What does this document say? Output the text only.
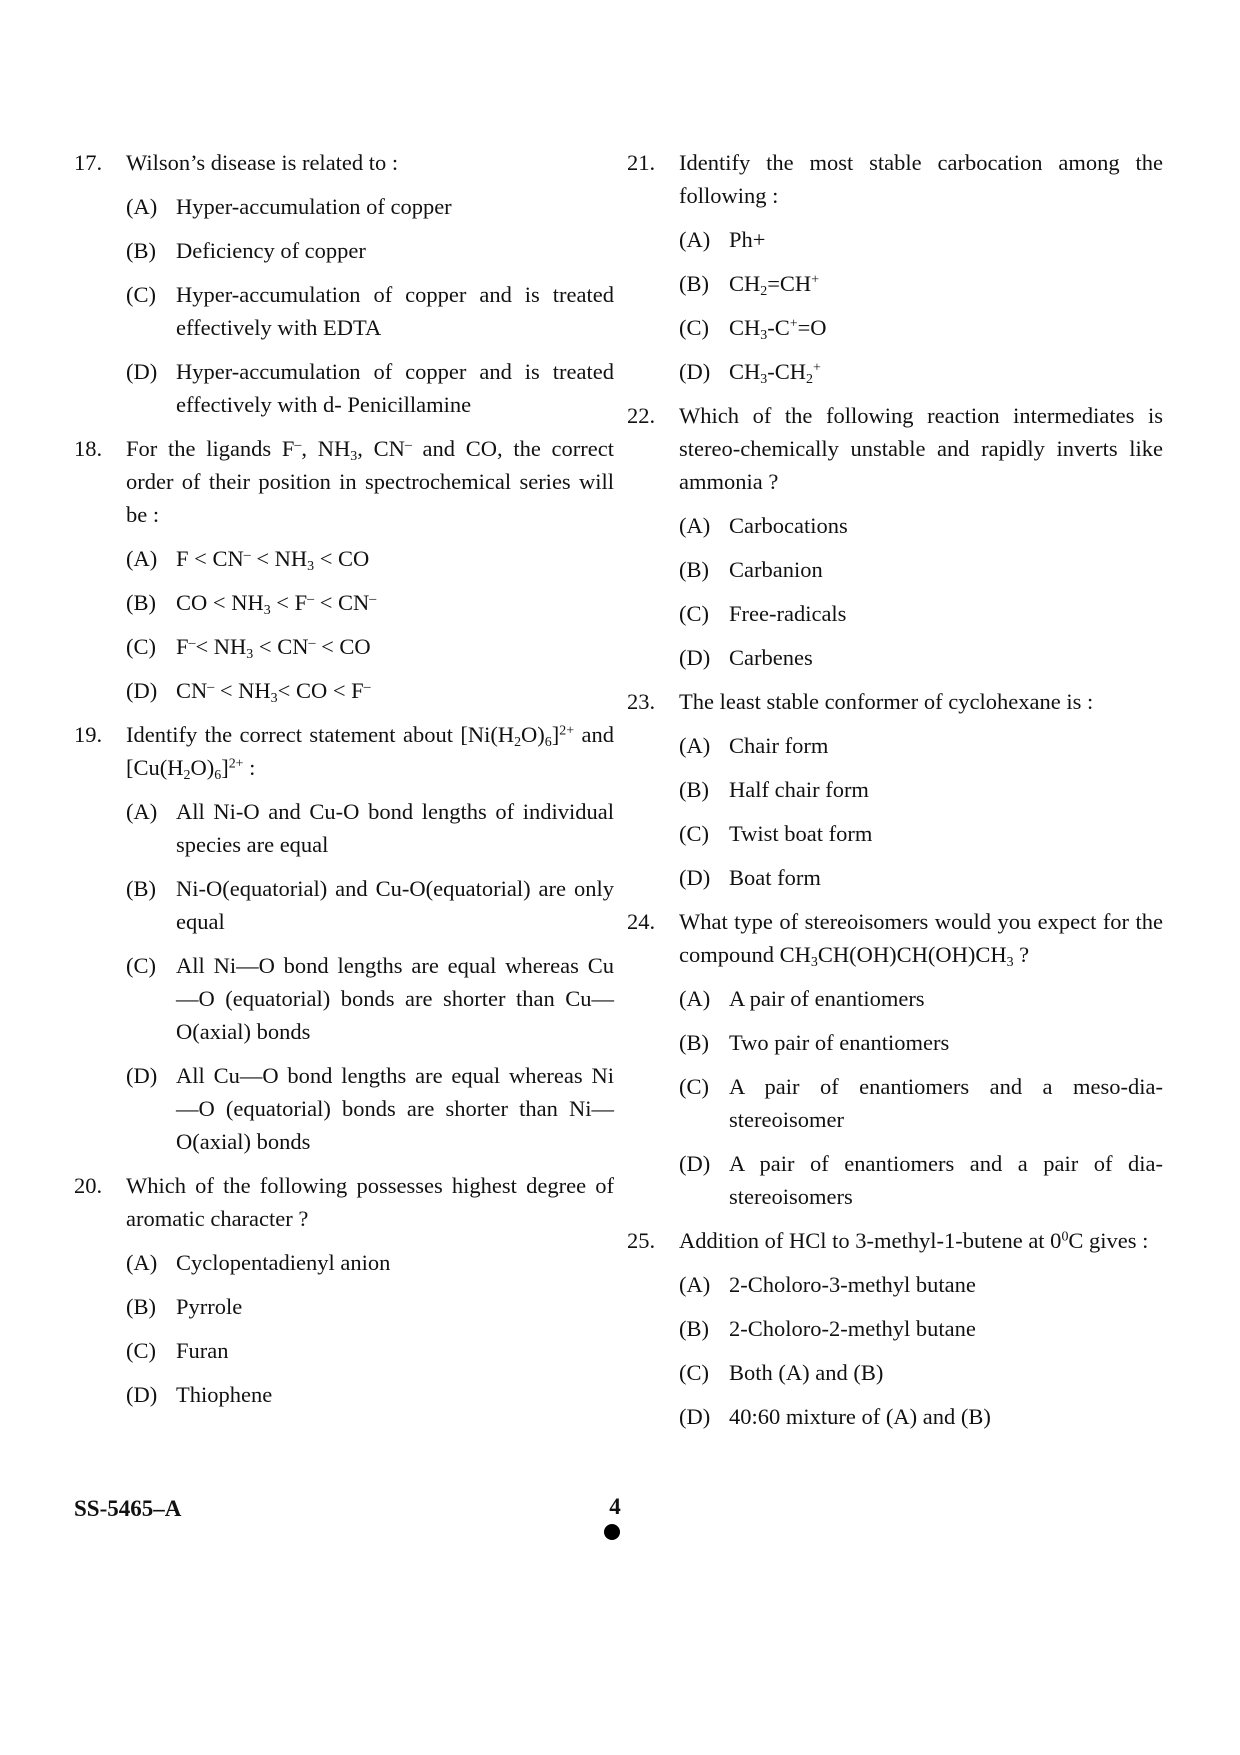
17. Wilson’s disease is related to :
(A) Hyper-accumulation of copper
(B) Deficiency of copper
(C) Hyper-accumulation of copper and is treated effectively with EDTA
(D) Hyper-accumulation of copper and is treated effectively with d- Penicillamine
18. For the ligands F–, $NH_3$, CN– and CO, the correct order of their position in spectrochemical series will be :
(A) $F < CN^- < NH_3$ < CO
(B) CO < $NH_3 < F^- < CN^-$
(C) $F^-< NH_3 < CN^-$ < CO
(D) $CN^- < NH_3<$ CO < F–
19. Identify the correct statement about $[Ni(H_2O)_6]^{2+}$ and $[Cu(H_2O)_6]^{2+}$ :
(A) All Ni-O and Cu-O bond lengths of individual species are equal
(B) Ni-O(equatorial) and Cu-O(equatorial) are only equal
(C) All Ni—O bond lengths are equal whereas Cu—O (equatorial) bonds are shorter than Cu—O(axial) bonds
(D) All Cu—O bond lengths are equal whereas Ni—O (equatorial) bonds are shorter than Ni—O(axial) bonds
20. Which of the following possesses highest degree of aromatic character ?
(A) Cyclopentadienyl anion
(B) Pyrrole
(C) Furan
(D) Thiophene
21. Identify the most stable carbocation among the following :
(A) Ph+
(B) $CH_2=CH^+$
(C) $CH_3-C^+=O$
(D) $CH_3-CH_2^+$
22. Which of the following reaction intermediates is stereo-chemically unstable and rapidly inverts like ammonia ?
(A) Carbocations
(B) Carbanion
(C) Free-radicals
(D) Carbenes
23. The least stable conformer of cyclohexane is :
(A) Chair form
(B) Half chair form
(C) Twist boat form
(D) Boat form
24. What type of stereoisomers would you expect for the compound $CH_3CH(OH)CH(OH)CH_3$ ?
(A) A pair of enantiomers
(B) Two pair of enantiomers
(C) A pair of enantiomers and a meso-dia-stereoisomer
(D) A pair of enantiomers and a pair of dia-stereoisomers
25. Addition of HCl to 3-methyl-1-butene at $0^0C$ gives :
(A) 2-Choloro-3-methyl butane
(B) 2-Choloro-2-methyl butane
(C) Both (A) and (B)
(D) 40:60 mixture of (A) and (B)
SS-5465–A	4
